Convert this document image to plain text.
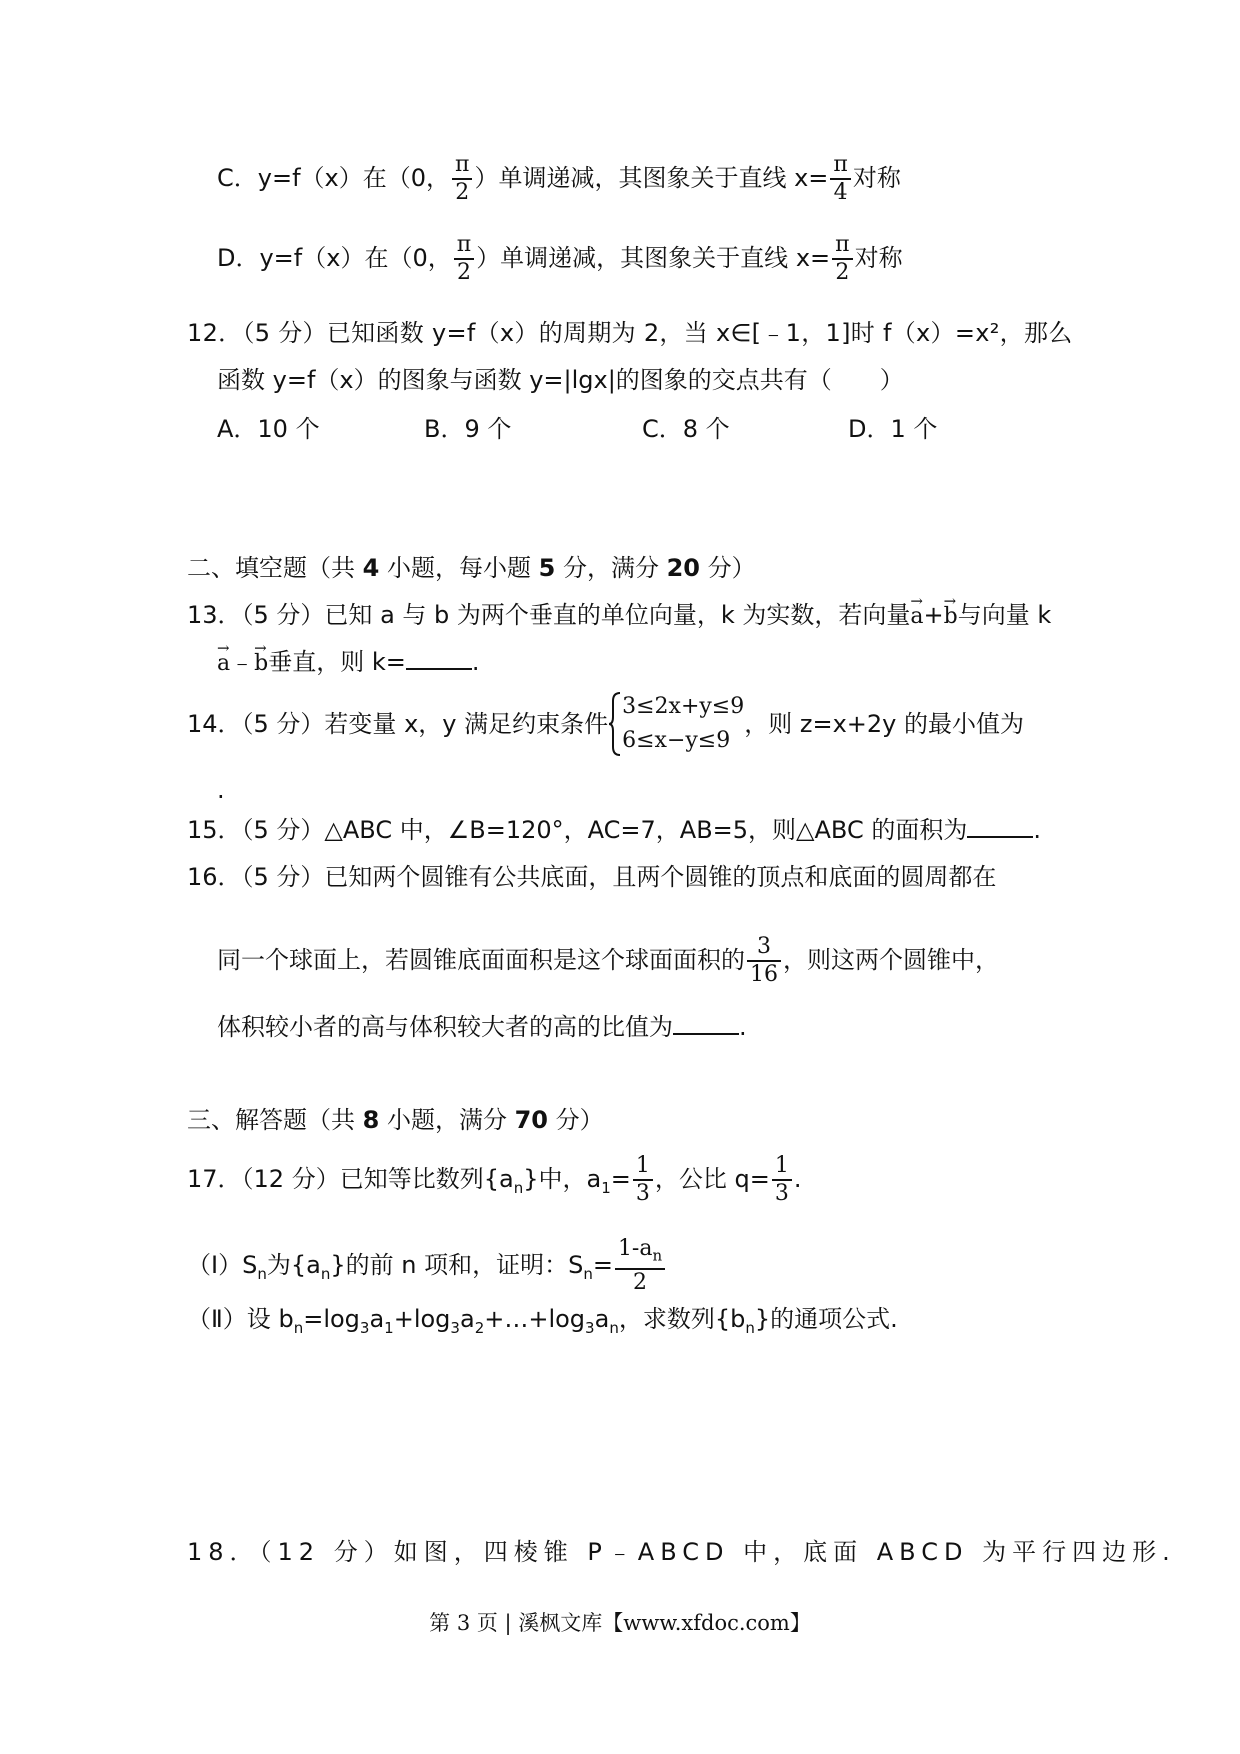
C．y=f（x）在（0， $\frac{\pi}{2}$ ）单调递减，其图象关于直线 $x= \frac{\pi}{4}$ 对称
D．y=f（x）在（0， $\frac{\pi}{2}$ ）单调递减，其图象关于直线 $x= \frac{\pi}{2}$ 对称
12．（5 分）已知函数 y=f（x）的周期为 2，当 x∈[﹣1，1]时 f（x）=x²，那么
函数 y=f（x）的图象与函数 y=|lgx|的图象的交点共有（　　）
A．10 个	B．9 个	C．8 个	D．1 个
二、填空题（共 4 小题，每小题 5 分，满分 20 分）
13．（5 分）已知 a 与 b 为两个垂直的单位向量，k 为实数，若向量→ a+→ b与向量 k
→ a﹣→ b垂直，则 k=	.
14．（5 分）若变量 x，y 满足约束条件
3≤2x+y≤9
6≤x−y≤9
，则 z=x+2y 的最小值为
.
15．（5 分）△ABC 中，∠B=120°，AC=7，AB=5，则△ABC 的面积为	.
16．（5 分）已知两个圆锥有公共底面，且两个圆锥的顶点和底面的圆周都在
同一个球面上，若圆锥底面面积是这个球面面积的 $\frac{3}{16}$ ，则这两个圆锥中，
体积较小者的高与体积较大者的高的比值为	.
三、解答题（共 8 小题，满分 70 分）
17．（12 分）已知等比数列$\{a_n\}$中，$a_1= \frac{1}{3}$ ，公比 $q= \frac{1}{3}$ .
$(Ⅰ)S_n$为$\{a_n\}$的前 n 项和，证明：$S_n= \frac{1-a_n}{2}$
（Ⅱ）设 $b_n=\log_3a_1+\log_3a_2+\dots+\log_3a_n$，求数列$\{b_n\}$的通项公式.
18．（12 分）如图，四棱锥 P﹣ABCD 中，底面 ABCD 为平行四边形.
第 3 页 | 溪枫文库【www.xfdoc.com】
